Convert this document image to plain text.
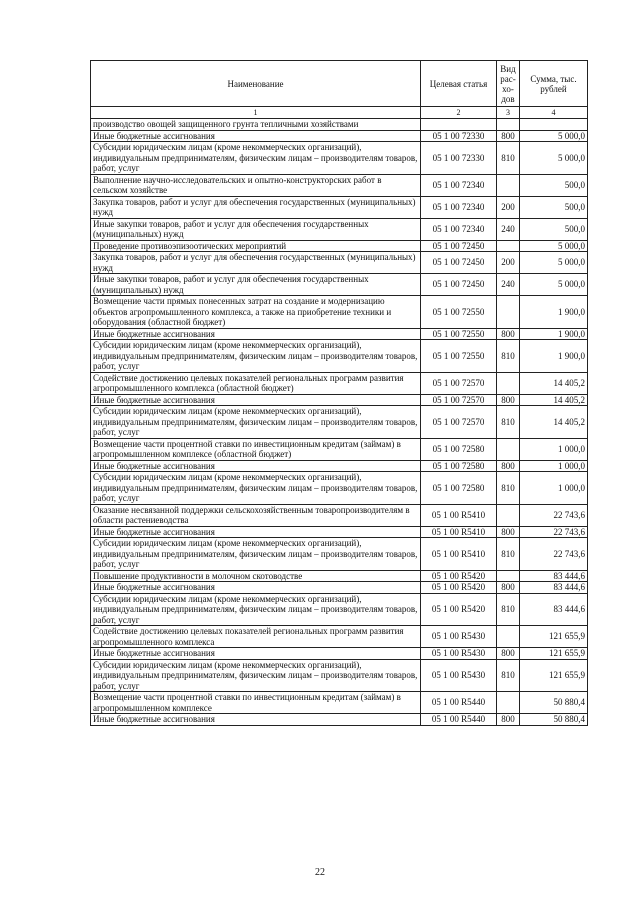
Наименование	Целевая статья	Вид рас-хо-дов	Сумма, тыс. рублей
1	2	3	4
производство овощей защищенного грунта тепличными хозяйствами			
Иные бюджетные ассигнования	05 1 00 72330	800	5 000,0
Субсидии юридическим лицам (кроме некоммерческих организаций), индивидуальным предпринимателям, физическим лицам – производителям товаров, работ, услуг	05 1 00 72330	810	5 000,0
Выполнение научно-исследовательских и опытно-конструкторских работ в сельском хозяйстве	05 1 00 72340		500,0
Закупка товаров, работ и услуг для обеспечения государственных (муниципальных) нужд	05 1 00 72340	200	500,0
Иные закупки товаров, работ и услуг для обеспечения государственных (муниципальных) нужд	05 1 00 72340	240	500,0
Проведение противоэпизоотических мероприятий	05 1 00 72450		5 000,0
Закупка товаров, работ и услуг для обеспечения государственных (муниципальных) нужд	05 1 00 72450	200	5 000,0
Иные закупки товаров, работ и услуг для обеспечения государственных (муниципальных) нужд	05 1 00 72450	240	5 000,0
Возмещение части прямых понесенных затрат на создание и модернизацию объектов агропромышленного комплекса, а также на приобретение техники и оборудования (областной бюджет)	05 1 00 72550		1 900,0
Иные бюджетные ассигнования	05 1 00 72550	800	1 900,0
Субсидии юридическим лицам (кроме некоммерческих организаций), индивидуальным предпринимателям, физическим лицам – производителям товаров, работ, услуг	05 1 00 72550	810	1 900,0
Содействие достижению целевых показателей региональных программ развития агропромышленного комплекса (областной бюджет)	05 1 00 72570		14 405,2
Иные бюджетные ассигнования	05 1 00 72570	800	14 405,2
Субсидии юридическим лицам (кроме некоммерческих организаций), индивидуальным предпринимателям, физическим лицам – производителям товаров, работ, услуг	05 1 00 72570	810	14 405,2
Возмещение части процентной ставки по инвестиционным кредитам (займам) в агропромышленном комплексе (областной бюджет)	05 1 00 72580		1 000,0
Иные бюджетные ассигнования	05 1 00 72580	800	1 000,0
Субсидии юридическим лицам (кроме некоммерческих организаций), индивидуальным предпринимателям, физическим лицам – производителям товаров, работ, услуг	05 1 00 72580	810	1 000,0
Оказание несвязанной поддержки сельскохозяйственным товаропроизводителям в области растениеводства	05 1 00 R5410		22 743,6
Иные бюджетные ассигнования	05 1 00 R5410	800	22 743,6
Субсидии юридическим лицам (кроме некоммерческих организаций), индивидуальным предпринимателям, физическим лицам – производителям товаров, работ, услуг	05 1 00 R5410	810	22 743,6
Повышение продуктивности в молочном скотоводстве	05 1 00 R5420		83 444,6
Иные бюджетные ассигнования	05 1 00 R5420	800	83 444,6
Субсидии юридическим лицам (кроме некоммерческих организаций), индивидуальным предпринимателям, физическим лицам – производителям товаров, работ, услуг	05 1 00 R5420	810	83 444,6
Содействие достижению целевых показателей региональных программ развития агропромышленного комплекса	05 1 00 R5430		121 655,9
Иные бюджетные ассигнования	05 1 00 R5430	800	121 655,9
Субсидии юридическим лицам (кроме некоммерческих организаций), индивидуальным предпринимателям, физическим лицам – производителям товаров, работ, услуг	05 1 00 R5430	810	121 655,9
Возмещение части процентной ставки по инвестиционным кредитам (займам) в агропромышленном комплексе	05 1 00 R5440		50 880,4
Иные бюджетные ассигнования	05 1 00 R5440	800	50 880,4
22
